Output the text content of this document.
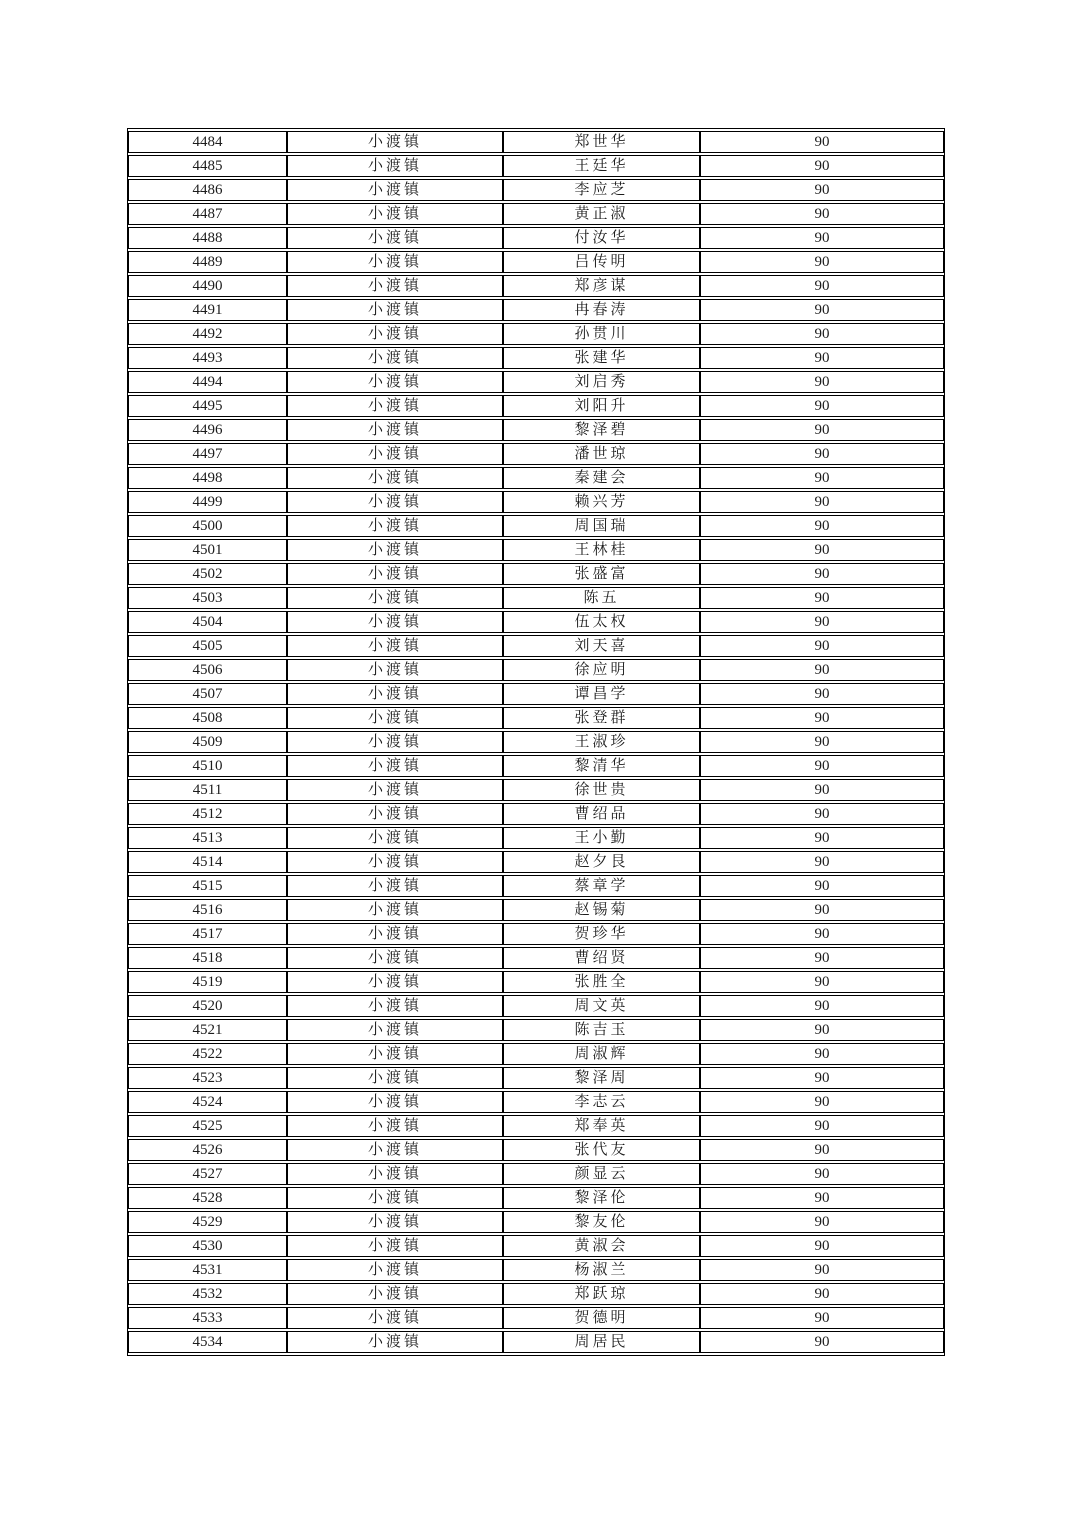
4484	小渡镇	郑世华	90
4485	小渡镇	王廷华	90
4486	小渡镇	李应芝	90
4487	小渡镇	黄正淑	90
4488	小渡镇	付汝华	90
4489	小渡镇	吕传明	90
4490	小渡镇	郑彦谋	90
4491	小渡镇	冉春涛	90
4492	小渡镇	孙贯川	90
4493	小渡镇	张建华	90
4494	小渡镇	刘启秀	90
4495	小渡镇	刘阳升	90
4496	小渡镇	黎泽碧	90
4497	小渡镇	潘世琼	90
4498	小渡镇	秦建会	90
4499	小渡镇	赖兴芳	90
4500	小渡镇	周国瑞	90
4501	小渡镇	王林桂	90
4502	小渡镇	张盛富	90
4503	小渡镇	陈五	90
4504	小渡镇	伍太权	90
4505	小渡镇	刘天喜	90
4506	小渡镇	徐应明	90
4507	小渡镇	谭昌学	90
4508	小渡镇	张登群	90
4509	小渡镇	王淑珍	90
4510	小渡镇	黎清华	90
4511	小渡镇	徐世贵	90
4512	小渡镇	曹绍品	90
4513	小渡镇	王小勤	90
4514	小渡镇	赵夕艮	90
4515	小渡镇	蔡章学	90
4516	小渡镇	赵锡菊	90
4517	小渡镇	贺珍华	90
4518	小渡镇	曹绍贤	90
4519	小渡镇	张胜全	90
4520	小渡镇	周文英	90
4521	小渡镇	陈吉玉	90
4522	小渡镇	周淑辉	90
4523	小渡镇	黎泽周	90
4524	小渡镇	李志云	90
4525	小渡镇	郑奉英	90
4526	小渡镇	张代友	90
4527	小渡镇	颜显云	90
4528	小渡镇	黎泽伦	90
4529	小渡镇	黎友伦	90
4530	小渡镇	黄淑会	90
4531	小渡镇	杨淑兰	90
4532	小渡镇	郑跃琼	90
4533	小渡镇	贺德明	90
4534	小渡镇	周居民	90
